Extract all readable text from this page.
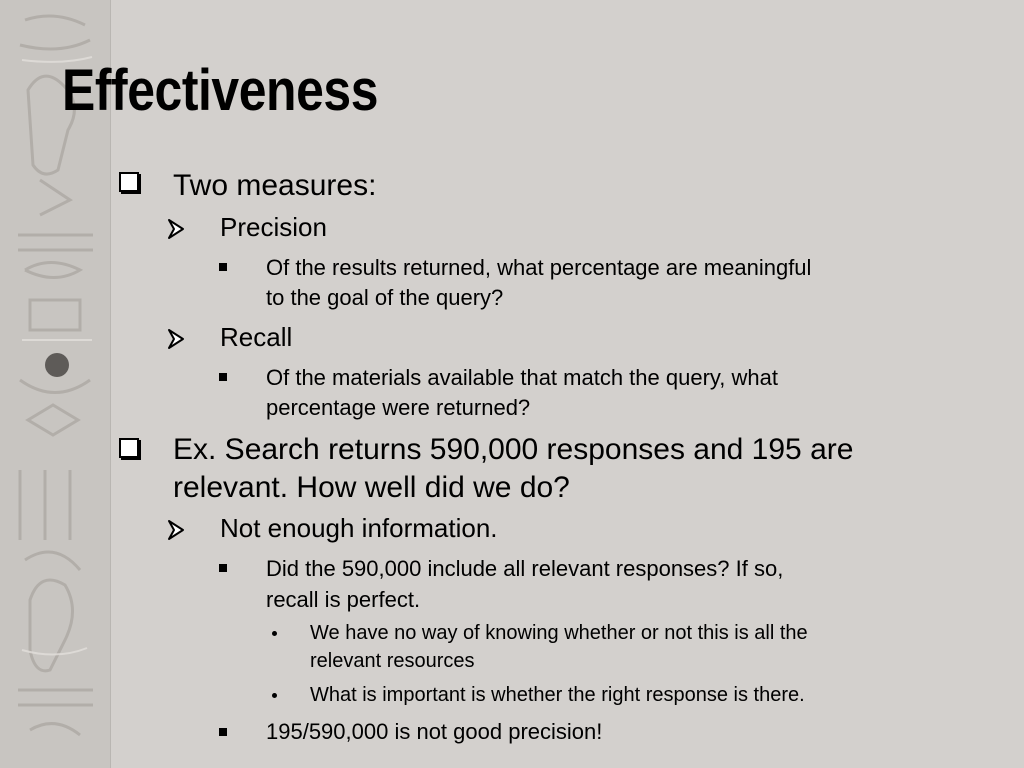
Effectiveness
Two measures:
Precision
Of the results returned, what percentage are meaningful
to the goal of the query?
Recall
Of the materials available that match the query, what
percentage were returned?
Ex. Search returns 590,000 responses and 195 are
relevant. How well did we do?
Not enough information.
Did the 590,000 include all relevant responses? If so,
recall is perfect.
We have no way of knowing whether or not this is all the
relevant resources
What is important is whether the right response is there.
195/590,000 is not good precision!
